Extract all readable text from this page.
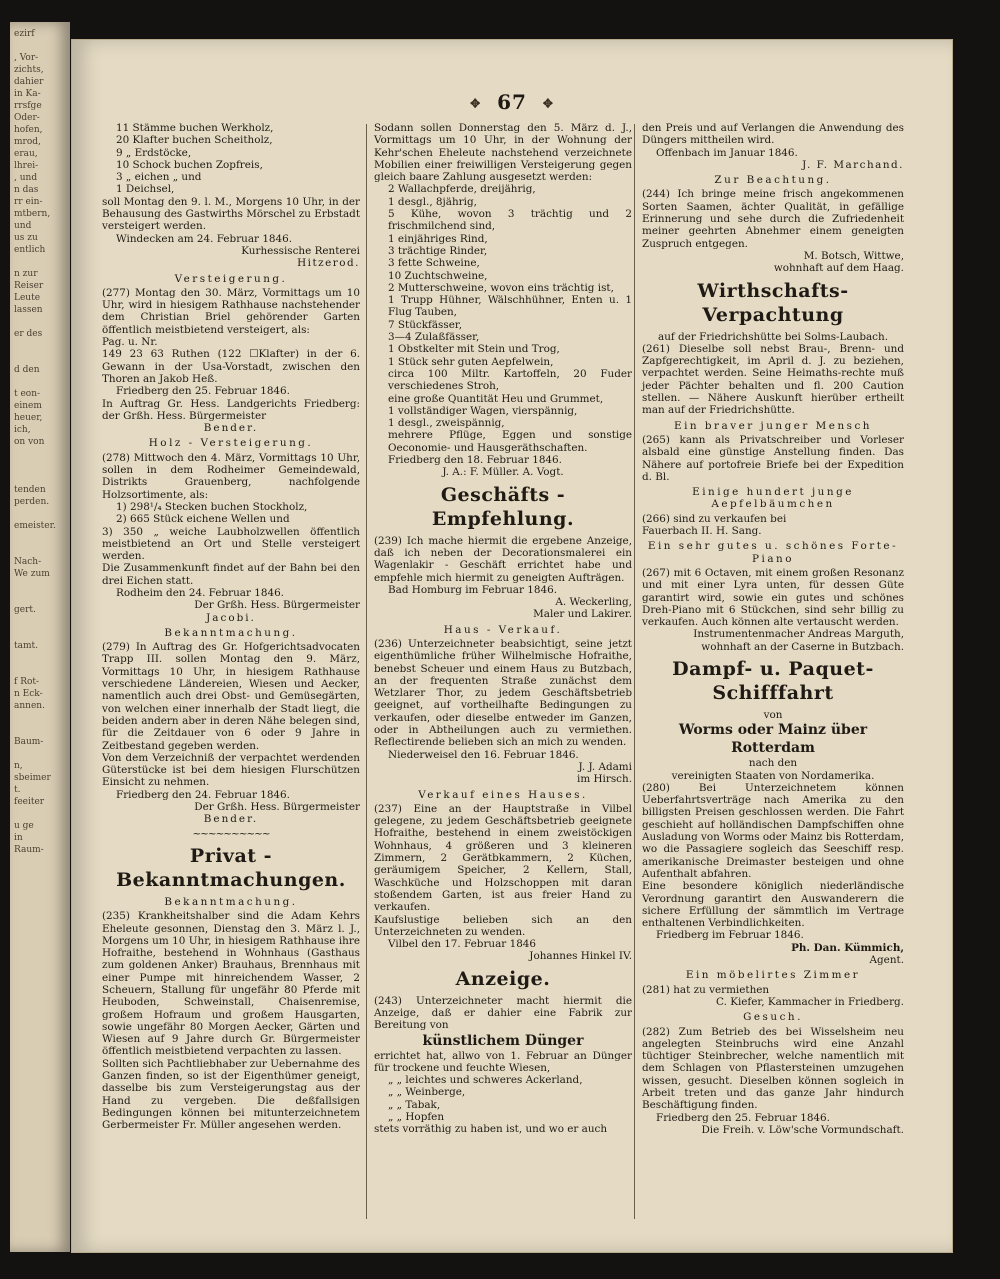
ezirf

, Vor-
zichts,
dahier
in Ka-
rrsfge
Oder-
hofen,
mrod,
erau,
lhrei-
, und
n das
rr ein-
mtbern,
und
us zu
entlich

n zur
Reiser
Leute
lassen

er des

d den

t eon-
einem
heuer,
ich,
on von

tenden
perden.

emeister.

Nach-
We zum

gert.

tamt.

f Rot-
n Eck-
annen.

Baum-

n,
sbeimer
t.
feeiter

u ge
in
Raum-
✥ 67 ✥
11 Stämme buchen Werkholz,
20 Klafter buchen Scheitholz,
9 „ Erdstöcke,
10 Schock buchen Zopfreis,
3 „ eichen „ und
1 Deichsel,
soll Montag den 9. l. M., Morgens 10 Uhr, in der Behausung des Gastwirths Mörschel zu Erbstadt versteigert werden.
Windecken am 24. Februar 1846.
Kurhessische Renterei
Hitzerod.
Versteigerung.
(277) Montag den 30. März, Vormittags um 10 Uhr, wird in hiesigem Rathhause nachstehender dem Christian Briel gehörender Garten öffentlich meistbietend versteigert, als:
Pag. u. Nr.
149 23 63 Ruthen (122 ☐Klafter) in der 6. Gewann in der Usa-Vorstadt, zwischen den Thoren an Jakob Heß.
Friedberg den 25. Februar 1846.
In Auftrag Gr. Hess. Landgerichts Friedberg: der Grßh. Hess. Bürgermeister
Bender.
Holz - Versteigerung.
(278) Mittwoch den 4. März, Vormittags 10 Uhr, sollen in dem Rodheimer Gemeindewald, Distrikts Grauenberg, nachfolgende Holzsortimente, als:
1) 298¹/₄ Stecken buchen Stockholz,
2) 665 Stück eichene Wellen und
3) 350 „ weiche Laubholzwellen öffentlich meistbietend an Ort und Stelle versteigert werden.
Die Zusammenkunft findet auf der Bahn bei den drei Eichen statt.
Rodheim den 24. Februar 1846.
Der Grßh. Hess. Bürgermeister
Jacobi.
Bekanntmachung.
(279) In Auftrag des Gr. Hofgerichtsadvocaten Trapp III. sollen Montag den 9. März, Vormittags 10 Uhr, in hiesigem Rathhause verschiedene Ländereien, Wiesen und Aecker, namentlich auch drei Obst- und Gemüsegärten, von welchen einer innerhalb der Stadt liegt, die beiden andern aber in deren Nähe belegen sind, für die Zeitdauer von 6 oder 9 Jahre in Zeitbestand gegeben werden.
Von dem Verzeichniß der verpachtet werdenden Güterstücke ist bei dem hiesigen Flurschützen Einsicht zu nehmen.
Friedberg den 24. Februar 1846.
Der Grßh. Hess. Bürgermeister
Bender.
~~~~~~~~~~
Privat - Bekanntmachungen.
Bekanntmachung.
(235) Krankheitshalber sind die Adam Kehrs Eheleute gesonnen, Dienstag den 3. März l. J., Morgens um 10 Uhr, in hiesigem Rathhause ihre Hofraithe, bestehend in Wohnhaus (Gasthaus zum goldenen Anker) Brauhaus, Brennhaus mit einer Pumpe mit hinreichendem Wasser, 2 Scheuern, Stallung für ungefähr 80 Pferde mit Heuboden, Schweinstall, Chaisenremise, großem Hofraum und großem Hausgarten, sowie ungefähr 80 Morgen Aecker, Gärten und Wiesen auf 9 Jahre durch Gr. Bürgermeister öffentlich meistbietend verpachten zu lassen.
Sollten sich Pachtliebhaber zur Uebernahme des Ganzen finden, so ist der Eigenthümer geneigt, dasselbe bis zum Versteigerungstag aus der Hand zu vergeben. Die deßfallsigen Bedingungen können bei mitunterzeichnetem Gerbermeister Fr. Müller angesehen werden.
Sodann sollen Donnerstag den 5. März d. J., Vormittags um 10 Uhr, in der Wohnung der Kehr'schen Eheleute nachstehend verzeichnete Mobilien einer freiwilligen Versteigerung gegen gleich baare Zahlung ausgesetzt werden:
2 Wallachpferde, dreijährig,
1 desgl., 8jährig,
5 Kühe, wovon 3 trächtig und 2 frischmilchend sind,
1 einjähriges Rind,
3 trächtige Rinder,
3 fette Schweine,
10 Zuchtschweine,
2 Mutterschweine, wovon eins trächtig ist,
1 Trupp Hühner, Wälschhühner, Enten u. 1 Flug Tauben,
7 Stückfässer,
3—4 Zulaßfässer,
1 Obstkelter mit Stein und Trog,
1 Stück sehr guten Aepfelwein,
circa 100 Miltr. Kartoffeln, 20 Fuder verschiedenes Stroh,
eine große Quantität Heu und Grummet,
1 vollständiger Wagen, vierspännig,
1 desgl., zweispännig,
mehrere Pflüge, Eggen und sonstige Oeconomie- und Hausgeräthschaften.
Friedberg den 18. Februar 1846.
J. A.: F. Müller. A. Vogt.
Geschäfts - Empfehlung.
(239) Ich mache hiermit die ergebene Anzeige, daß ich neben der Decorationsmalerei ein Wagenlakir - Geschäft errichtet habe und empfehle mich hiermit zu geneigten Aufträgen.
Bad Homburg im Februar 1846.
A. Weckerling,
Maler und Lakirer.
Haus - Verkauf.
(236) Unterzeichneter beabsichtigt, seine jetzt eigenthümliche früher Wilhelmische Hofraithe, benebst Scheuer und einem Haus zu Butzbach, an der frequenten Straße zunächst dem Wetzlarer Thor, zu jedem Geschäftsbetrieb geeignet, auf vortheilhafte Bedingungen zu verkaufen, oder dieselbe entweder im Ganzen, oder in Abtheilungen auch zu vermiethen. Reflectirende belieben sich an mich zu wenden.
Niederweisel den 16. Februar 1846.
J. J. Adami
im Hirsch.
Verkauf eines Hauses.
(237) Eine an der Hauptstraße in Vilbel gelegene, zu jedem Geschäftsbetrieb geeignete Hofraithe, bestehend in einem zweistöckigen Wohnhaus, 4 größeren und 3 kleineren Zimmern, 2 Gerätbkammern, 2 Küchen, geräumigem Speicher, 2 Kellern, Stall, Waschküche und Holzschoppen mit daran stoßendem Garten, ist aus freier Hand zu verkaufen.
Kaufslustige belieben sich an den Unterzeichneten zu wenden.
Vilbel den 17. Februar 1846
Johannes Hinkel IV.
Anzeige.
(243) Unterzeichneter macht hiermit die Anzeige, daß er dahier eine Fabrik zur Bereitung von
künstlichem Dünger
errichtet hat, allwo von 1. Februar an Dünger für trockene und feuchte Wiesen,
„ „ leichtes und schweres Ackerland,
„ „ Weinberge,
„ „ Tabak,
„ „ Hopfen
stets vorräthig zu haben ist, und wo er auch
den Preis und auf Verlangen die Anwendung des Düngers mittheilen wird.
Offenbach im Januar 1846.
J. F. Marchand.
Zur Beachtung.
(244) Ich bringe meine frisch angekommenen Sorten Saamen, ächter Qualität, in gefällige Erinnerung und sehe durch die Zufriedenheit meiner geehrten Abnehmer einem geneigten Zuspruch entgegen.
M. Botsch, Wittwe,
wohnhaft auf dem Haag.
Wirthschafts-Verpachtung
auf der Friedrichshütte bei Solms-Laubach.
(261) Dieselbe soll nebst Brau-, Brenn- und Zapfgerechtigkeit, im April d. J. zu beziehen, verpachtet werden. Seine Heimaths-rechte muß jeder Pächter behalten und fl. 200 Caution stellen. — Nähere Auskunft hierüber ertheilt man auf der Friedrichshütte.
Ein braver junger Mensch
(265) kann als Privatschreiber und Vorleser alsbald eine günstige Anstellung finden. Das Nähere auf portofreie Briefe bei der Expedition d. Bl.
Einige hundert junge Aepfelbäumchen
(266) sind zu verkaufen bei
Fauerbach II. H. Sang.
Ein sehr gutes u. schönes Forte-Piano
(267) mit 6 Octaven, mit einem großen Resonanz und mit einer Lyra unten, für dessen Güte garantirt wird, sowie ein gutes und schönes Dreh-Piano mit 6 Stückchen, sind sehr billig zu verkaufen. Auch können alte vertauscht werden.
Instrumentenmacher Andreas Marguth, wohnhaft an der Caserne in Butzbach.
Dampf- u. Paquet-Schifffahrt
von
Worms oder Mainz über Rotterdam
nach den
vereinigten Staaten von Nordamerika.
(280) Bei Unterzeichnetem können Ueberfahrtsverträge nach Amerika zu den billigsten Preisen geschlossen werden. Die Fahrt geschieht auf holländischen Dampfschiffen ohne Ausladung von Worms oder Mainz bis Rotterdam, wo die Passagiere sogleich das Seeschiff resp. amerikanische Dreimaster besteigen und ohne Aufenthalt abfahren.
Eine besondere königlich niederländische Verordnung garantirt den Auswanderern die sichere Erfüllung der sämmtlich im Vertrage enthaltenen Verbindlichkeiten.
Friedberg im Februar 1846.
Ph. Dan. Kümmich,
Agent.
Ein möbelirtes Zimmer
(281) hat zu vermiethen
C. Kiefer, Kammacher in Friedberg.
Gesuch.
(282) Zum Betrieb des bei Wisselsheim neu angelegten Steinbruchs wird eine Anzahl tüchtiger Steinbrecher, welche namentlich mit dem Schlagen von Pflastersteinen umzugehen wissen, gesucht. Dieselben können sogleich in Arbeit treten und das ganze Jahr hindurch Beschäftigung finden.
Friedberg den 25. Februar 1846.
Die Freih. v. Löw'sche Vormundschaft.
